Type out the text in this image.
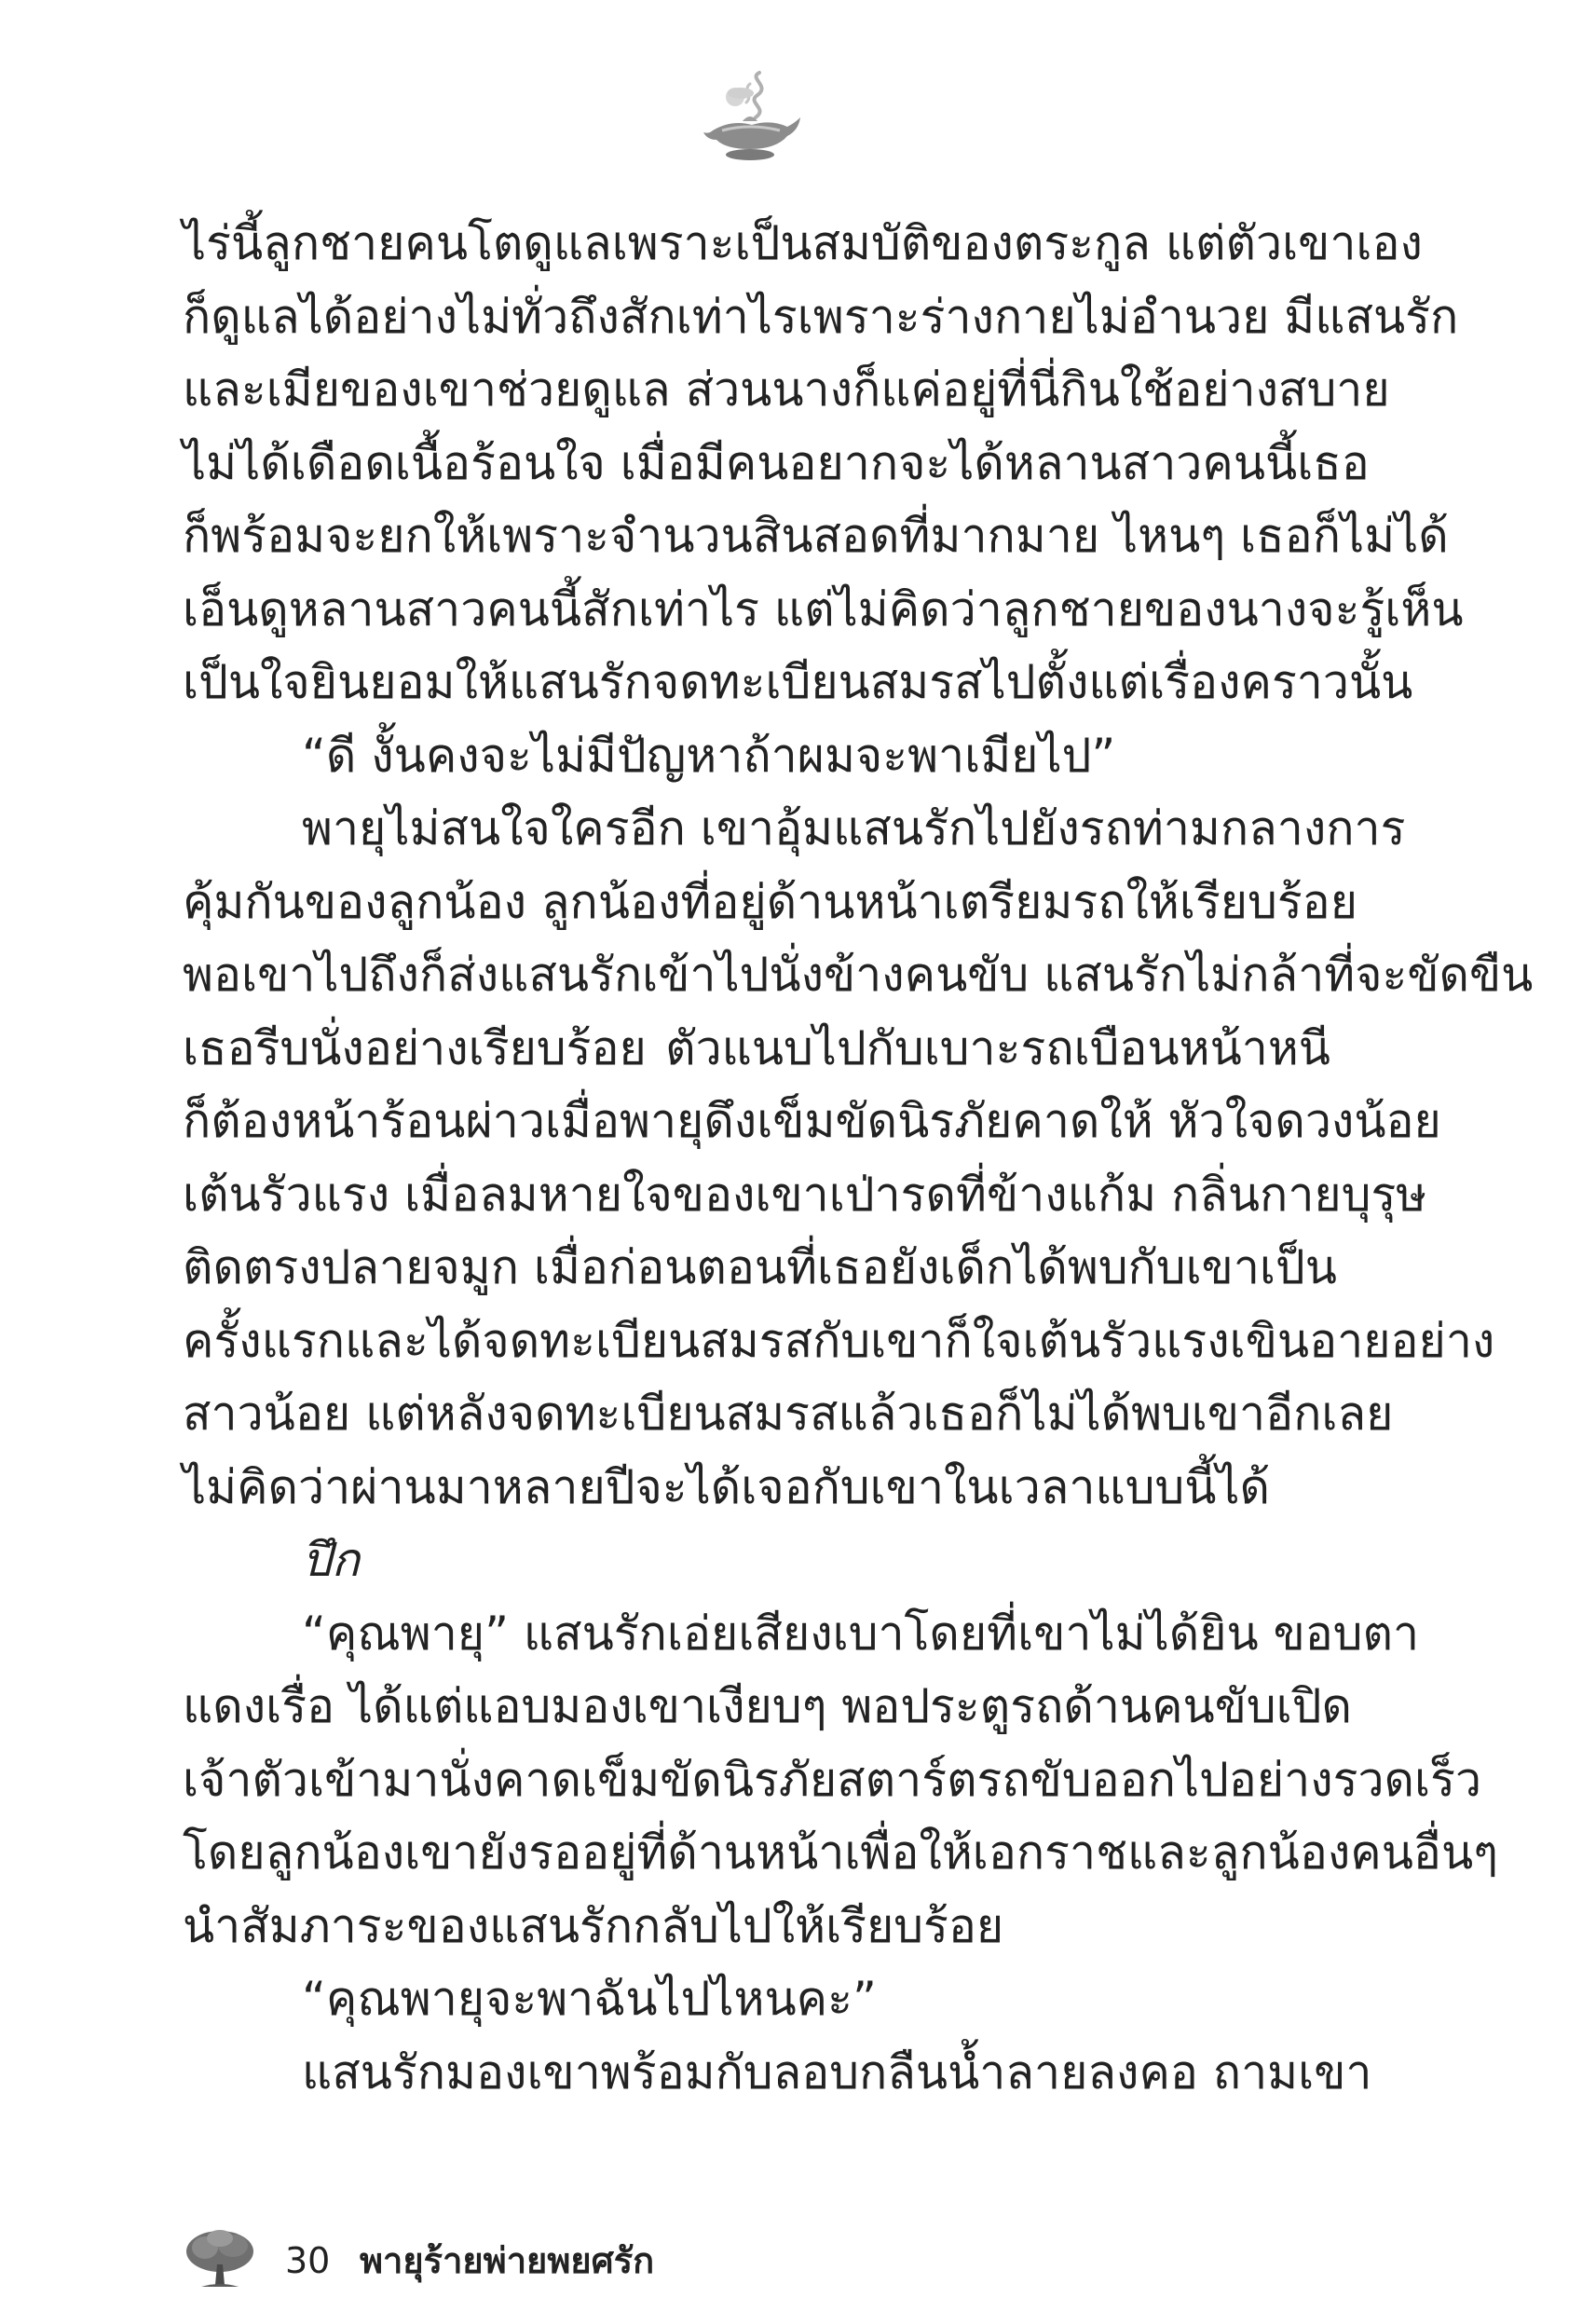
ไร่นี้ลูกชายคนโตดูแลเพราะเป็นสมบัติของตระกูล แต่ตัวเขาเอง
ก็ดูแลได้อย่างไม่ทั่วถึงสักเท่าไรเพราะร่างกายไม่อำนวย มีแสนรัก
และเมียของเขาช่วยดูแล ส่วนนางก็แค่อยู่ที่นี่กินใช้อย่างสบาย
ไม่ได้เดือดเนื้อร้อนใจ เมื่อมีคนอยากจะได้หลานสาวคนนี้เธอ
ก็พร้อมจะยกให้เพราะจำนวนสินสอดที่มากมาย ไหนๆ เธอก็ไม่ได้
เอ็นดูหลานสาวคนนี้สักเท่าไร แต่ไม่คิดว่าลูกชายของนางจะรู้เห็น
เป็นใจยินยอมให้แสนรักจดทะเบียนสมรสไปตั้งแต่เรื่องคราวนั้น
“ดี งั้นคงจะไม่มีปัญหาถ้าผมจะพาเมียไป”
พายุไม่สนใจใครอีก เขาอุ้มแสนรักไปยังรถท่ามกลางการ
คุ้มกันของลูกน้อง ลูกน้องที่อยู่ด้านหน้าเตรียมรถให้เรียบร้อย
พอเขาไปถึงก็ส่งแสนรักเข้าไปนั่งข้างคนขับ แสนรักไม่กล้าที่จะขัดขืน
เธอรีบนั่งอย่างเรียบร้อย ตัวแนบไปกับเบาะรถเบือนหน้าหนี
ก็ต้องหน้าร้อนผ่าวเมื่อพายุดึงเข็มขัดนิรภัยคาดให้ หัวใจดวงน้อย
เต้นรัวแรง เมื่อลมหายใจของเขาเป่ารดที่ข้างแก้ม กลิ่นกายบุรุษ
ติดตรงปลายจมูก เมื่อก่อนตอนที่เธอยังเด็กได้พบกับเขาเป็น
ครั้งแรกและได้จดทะเบียนสมรสกับเขาก็ใจเต้นรัวแรงเขินอายอย่าง
สาวน้อย แต่หลังจดทะเบียนสมรสแล้วเธอก็ไม่ได้พบเขาอีกเลย
ไม่คิดว่าผ่านมาหลายปีจะได้เจอกับเขาในเวลาแบบนี้ได้
ปึก
“คุณพายุ” แสนรักเอ่ยเสียงเบาโดยที่เขาไม่ได้ยิน ขอบตา
แดงเรื่อ ได้แต่แอบมองเขาเงียบๆ พอประตูรถด้านคนขับเปิด
เจ้าตัวเข้ามานั่งคาดเข็มขัดนิรภัยสตาร์ตรถขับออกไปอย่างรวดเร็ว
โดยลูกน้องเขายังรออยู่ที่ด้านหน้าเพื่อให้เอกราชและลูกน้องคนอื่นๆ
นำสัมภาระของแสนรักกลับไปให้เรียบร้อย
“คุณพายุจะพาฉันไปไหนคะ”
แสนรักมองเขาพร้อมกับลอบกลืนน้ำลายลงคอ ถามเขา
30 พายุร้ายพ่ายพยศรัก
